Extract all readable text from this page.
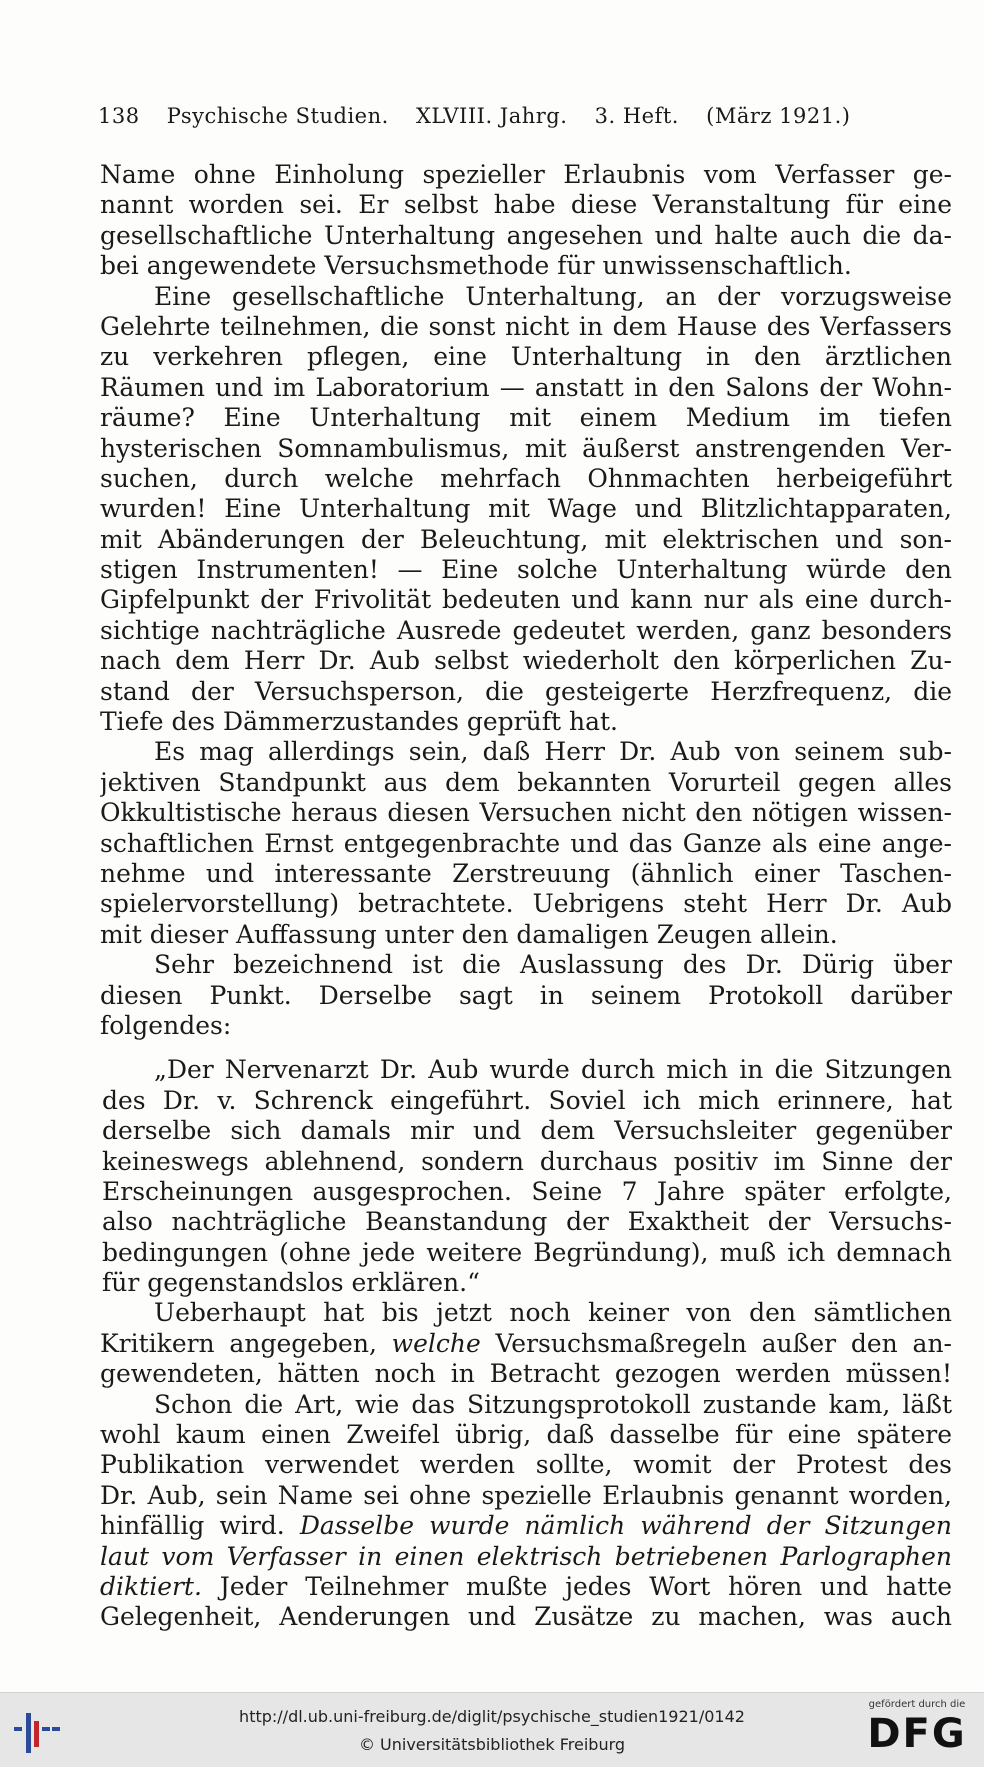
138 Psychische Studien. XLVIII. Jahrg. 3. Heft. (März 1921.)
Name ohne Einholung spezieller Erlaubnis vom Verfasser ge-
nannt worden sei. Er selbst habe diese Veranstaltung für eine
gesellschaftliche Unterhaltung angesehen und halte auch die da-
bei angewendete Versuchsmethode für unwissenschaftlich.
Eine gesellschaftliche Unterhaltung, an der vorzugsweise
Gelehrte teilnehmen, die sonst nicht in dem Hause des Verfassers
zu verkehren pflegen, eine Unterhaltung in den ärztlichen
Räumen und im Laboratorium — anstatt in den Salons der Wohn-
räume? Eine Unterhaltung mit einem Medium im tiefen
hysterischen Somnambulismus, mit äußerst anstrengenden Ver-
suchen, durch welche mehrfach Ohnmachten herbeigeführt
wurden! Eine Unterhaltung mit Wage und Blitzlichtapparaten,
mit Abänderungen der Beleuchtung, mit elektrischen und son-
stigen Instrumenten! — Eine solche Unterhaltung würde den
Gipfelpunkt der Frivolität bedeuten und kann nur als eine durch-
sichtige nachträgliche Ausrede gedeutet werden, ganz besonders
nach dem Herr Dr. Aub selbst wiederholt den körperlichen Zu-
stand der Versuchsperson, die gesteigerte Herzfrequenz, die
Tiefe des Dämmerzustandes geprüft hat.
Es mag allerdings sein, daß Herr Dr. Aub von seinem sub-
jektiven Standpunkt aus dem bekannten Vorurteil gegen alles
Okkultistische heraus diesen Versuchen nicht den nötigen wissen-
schaftlichen Ernst entgegenbrachte und das Ganze als eine ange-
nehme und interessante Zerstreuung (ähnlich einer Taschen-
spielervorstellung) betrachtete. Uebrigens steht Herr Dr. Aub
mit dieser Auffassung unter den damaligen Zeugen allein.
Sehr bezeichnend ist die Auslassung des Dr. Dürig über
diesen Punkt. Derselbe sagt in seinem Protokoll darüber
folgendes:
„Der Nervenarzt Dr. Aub wurde durch mich in die Sitzungen
des Dr. v. Schrenck eingeführt. Soviel ich mich erinnere, hat
derselbe sich damals mir und dem Versuchsleiter gegenüber
keineswegs ablehnend, sondern durchaus positiv im Sinne der
Erscheinungen ausgesprochen. Seine 7 Jahre später erfolgte,
also nachträgliche Beanstandung der Exaktheit der Versuchs-
bedingungen (ohne jede weitere Begründung), muß ich demnach
für gegenstandslos erklären.“
Ueberhaupt hat bis jetzt noch keiner von den sämtlichen
Kritikern angegeben, welche Versuchsmaßregeln außer den an-
gewendeten, hätten noch in Betracht gezogen werden müssen!
Schon die Art, wie das Sitzungsprotokoll zustande kam, läßt
wohl kaum einen Zweifel übrig, daß dasselbe für eine spätere
Publikation verwendet werden sollte, womit der Protest des
Dr. Aub, sein Name sei ohne spezielle Erlaubnis genannt worden,
hinfällig wird. Dasselbe wurde nämlich während der Sitzungen
laut vom Verfasser in einen elektrisch betriebenen Parlographen
diktiert. Jeder Teilnehmer mußte jedes Wort hören und hatte
Gelegenheit, Aenderungen und Zusätze zu machen, was auch
http://dl.ub.uni-freiburg.de/diglit/psychische_studien1921/0142
© Universitätsbibliothek Freiburg
gefördert durch die
DFG
